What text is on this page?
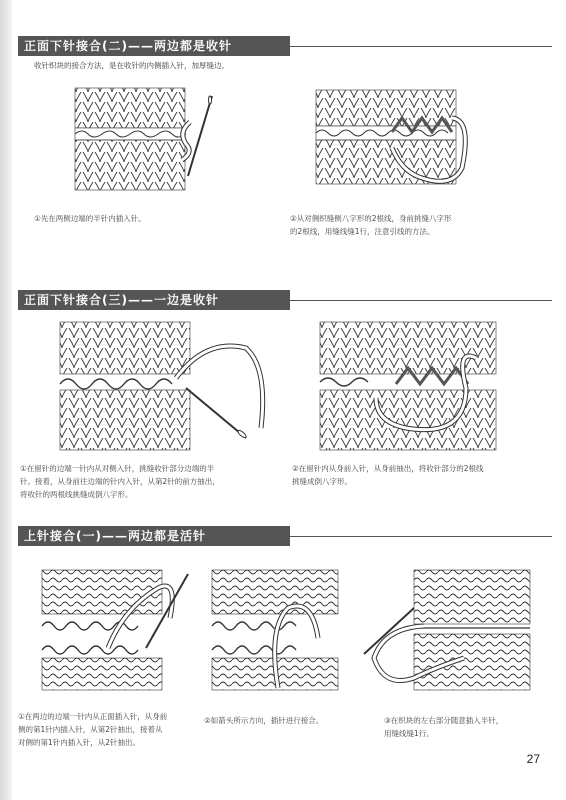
正面下针接合(二)——两边都是收针
收针织块的接合方法，是在收针的内侧插入针，加厚缝边。
①先在两侧边端的半针内插入针。	②从对侧织缝侧八字形的2根线，身前挑缝八字形
的2根线，用缝线缝1行，注意引线的方法。
正面下针接合(三)——一边是收针
①在留针的边端一针内从对侧入针，挑缝收针部分边端的半
针。接着，从身前往边端的针内入针，从第2针的前方抽出，
将收针的两根线挑缝成倒八字形。
②在留针内从身前入针，从身前抽出，将收针部分的2根线
挑缝成倒八字形。
上针接合(一)——两边都是活针
①在两边的边端一针内从正面插入针，从身前
侧的第1针内插入针，从第2针抽出，接着从
对侧的第1针内插入针，从2针抽出。
②如箭头所示方向，插针进行接合。	③在织块的左右部分随意插入半针，
用缝线缝1行。
27
